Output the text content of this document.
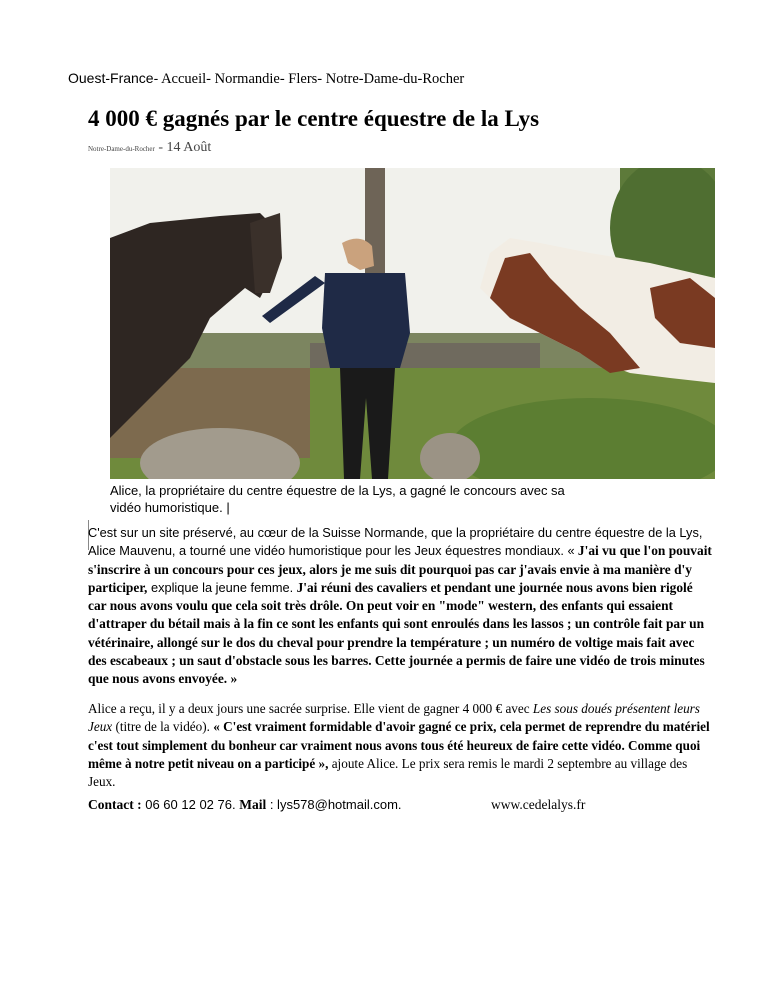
Ouest-France- Accueil- Normandie- Flers- Notre-Dame-du-Rocher
4 000 € gagnés par le centre équestre de la Lys
Notre-Dame-du-Rocher - 14 Août
Alice, la propriétaire du centre équestre de la Lys, a gagné le concours avec sa vidéo humoristique. |

C'est sur un site préservé, au cœur de la Suisse Normande, que la propriétaire du centre équestre de la Lys, Alice Mauvenu, a tourné une vidéo humoristique pour les Jeux équestres mondiaux. « J'ai vu que l'on pouvait s'inscrire à un concours pour ces jeux, alors je me suis dit pourquoi pas car j'avais envie à ma manière d'y participer, explique la jeune femme. J'ai réuni des cavaliers et pendant une journée nous avons bien rigolé car nous avons voulu que cela soit très drôle. On peut voir en "mode" western, des enfants qui essaient d'attraper du bétail mais à la fin ce sont les enfants qui sont enroulés dans les lassos ; un contrôle fait par un vétérinaire, allongé sur le dos du cheval pour prendre la température ; un numéro de voltige mais fait avec des escabeaux ; un saut d'obstacle sous les barres. Cette journée a permis de faire une vidéo de trois minutes que nous avons envoyée. »

Alice a reçu, il y a deux jours une sacrée surprise. Elle vient de gagner 4 000 € avec Les sous doués présentent leurs Jeux (titre de la vidéo). « C'est vraiment formidable d'avoir gagné ce prix, cela permet de reprendre du matériel c'est tout simplement du bonheur car vraiment nous avons tous été heureux de faire cette vidéo. Comme quoi même à notre petit niveau on a participé », ajoute Alice. Le prix sera remis le mardi 2 septembre au village des Jeux.

Contact : 06 60 12 02 76. Mail : lys578@hotmail.com.	www.cedelalys.fr
